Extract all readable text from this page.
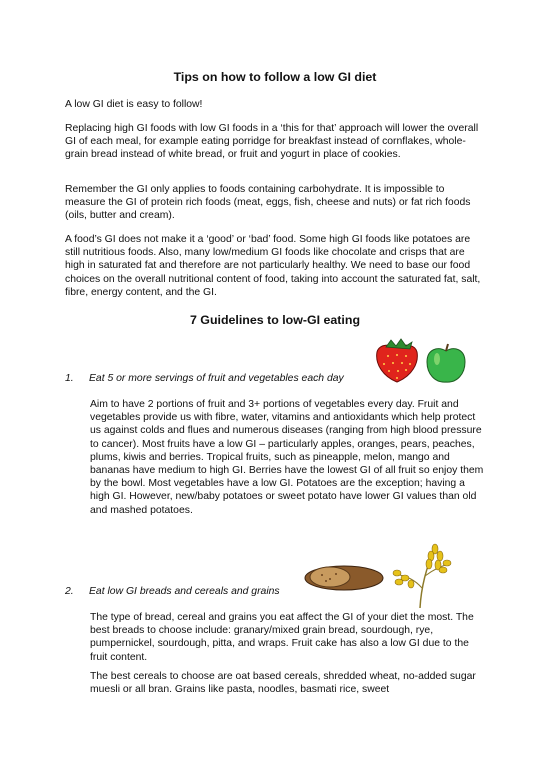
Tips on how to follow a low GI diet

A low GI diet is easy to follow!

Replacing high GI foods with low GI foods in a ‘this for that’ approach will lower the overall GI of each meal, for example eating porridge for breakfast instead of cornflakes, whole-grain bread instead of white bread, or fruit and yogurt in place of cookies.

Remember the GI only applies to foods containing carbohydrate. It is impossible to measure the GI of protein rich foods (meat, eggs, fish, cheese and nuts) or fat rich foods (oils, butter and cream).

A food’s GI does not make it a ‘good’ or ‘bad’ food. Some high GI foods like potatoes are still nutritious foods. Also, many low/medium GI foods like chocolate and crisps that are high in saturated fat and therefore are not particularly healthy. We need to base our food choices on the overall nutritional content of food, taking into account the saturated fat, salt, fibre, energy content, and the GI.

7 Guidelines to low-GI eating
1. Eat 5 or more servings of fruit and vegetables each day

Aim to have 2 portions of fruit and 3+ portions of vegetables every day. Fruit and vegetables provide us with fibre, water, vitamins and antioxidants which help protect us against colds and flues and numerous diseases (ranging from high blood pressure to cancer). Most fruits have a low GI – particularly apples, oranges, pears, peaches, plums, kiwis and berries. Tropical fruits, such as pineapple, melon, mango and bananas have medium to high GI. Berries have the lowest GI of all fruit so enjoy them by the bowl. Most vegetables have a low GI. Potatoes are the exception; having a high GI. However, new/baby potatoes or sweet potato have lower GI values than old and mashed potatoes.

2. Eat low GI breads and cereals and grains

The type of bread, cereal and grains you eat affect the GI of your diet the most. The best breads to choose include: granary/mixed grain bread, sourdough, rye, pumpernickel, sourdough, pitta, and wraps. Fruit cake has also a low GI due to the fruit content.

The best cereals to choose are oat based cereals, shredded wheat, no-added sugar muesli or all bran. Grains like pasta, noodles, basmati rice, sweet
